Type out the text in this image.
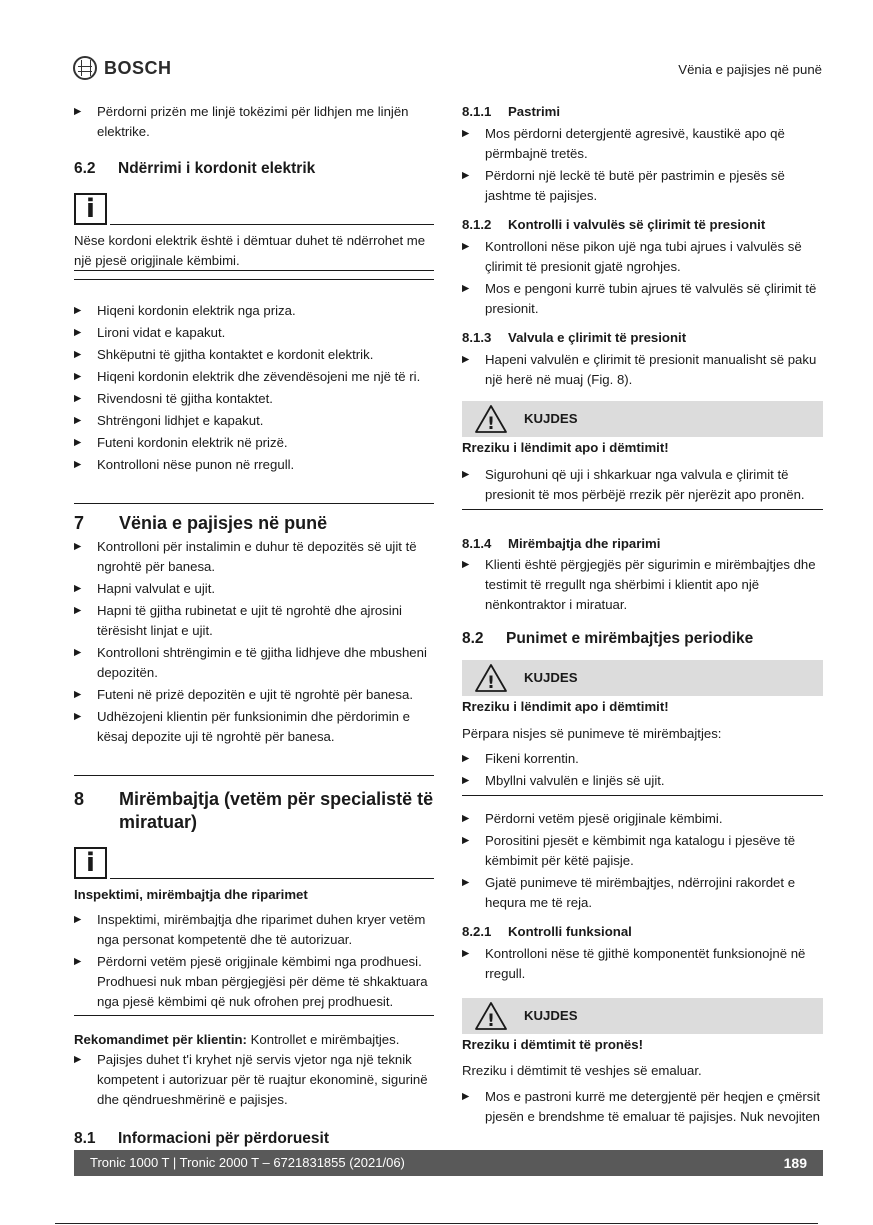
BOSCH	Vënia e pajisjes në punë
▶ Përdorni prizën me linjë tokëzimi për lidhjen me linjën elektrike.
6.2 Ndërrimi i kordonit elektrik
i

Nëse kordoni elektrik është i dëmtuar duhet të ndërrohet me një pjesë origjinale këmbimi.

▶ Hiqeni kordonin elektrik nga priza.
▶ Lironi vidat e kapakut.
▶ Shkëputni të gjitha kontaktet e kordonit elektrik.
▶ Hiqeni kordonin elektrik dhe zëvendësojeni me një të ri.
▶ Rivendosni të gjitha kontaktet.
▶ Shtrëngoni lidhjet e kapakut.
▶ Futeni kordonin elektrik në prizë.
▶ Kontrolloni nëse punon në rregull.
7	Vënia e pajisjes në punë
▶ Kontrolloni për instalimin e duhur të depozitës së ujit të ngrohtë për banesa.
▶ Hapni valvulat e ujit.
▶ Hapni të gjitha rubinetat e ujit të ngrohtë dhe ajrosini tërësisht linjat e ujit.
▶ Kontrolloni shtrëngimin e të gjitha lidhjeve dhe mbusheni depozitën.
▶ Futeni në prizë depozitën e ujit të ngrohtë për banesa.
▶ Udhëzojeni klientin për funksionimin dhe përdorimin e kësaj depozite uji të ngrohtë për banesa.
8	Mirëmbajtja (vetëm për specialistë të miratuar)
i

Inspektimi, mirëmbajtja dhe riparimet

▶ Inspektimi, mirëmbajtja dhe riparimet duhen kryer vetëm nga personat kompetentë dhe të autorizuar.
▶ Përdorni vetëm pjesë origjinale këmbimi nga prodhuesi. Prodhuesi nuk mban përgjegjësi për dëme të shkaktuara nga pjesë këmbimi që nuk ofrohen prej prodhuesit.

Rekomandimet për klientin: Kontrollet e mirëmbajtjes.

▶ Pajisjes duhet t'i kryhet një servis vjetor nga një teknik kompetent i autorizuar për të ruajtur ekonominë, sigurinë dhe qëndrueshmërinë e pajisjes.
8.1 Informacioni për përdoruesit
8.1.1	Pastrimi
▶ Mos përdorni detergjentë agresivë, kaustikë apo që përmbajnë tretës.
▶ Përdorni një leckë të butë për pastrimin e pjesës së jashtme të pajisjes.
8.1.2	Kontrolli i valvulës së çlirimit të presionit
▶ Kontrolloni nëse pikon ujë nga tubi ajrues i valvulës së çlirimit të presionit gjatë ngrohjes.
▶ Mos e pengoni kurrë tubin ajrues të valvulës së çlirimit të presionit.
8.1.3	Valvula e çlirimit të presionit
▶ Hapeni valvulën e çlirimit të presionit manualisht së paku një herë në muaj (Fig. 8).
! KUJDES

Rreziku i lëndimit apo i dëmtimit!

▶ Sigurohuni që uji i shkarkuar nga valvula e çlirimit të presionit të mos përbëjë rrezik për njerëzit apo pronën.
8.1.4	Mirëmbajtja dhe riparimi
▶ Klienti është përgjegjës për sigurimin e mirëmbajtjes dhe testimit të rregullt nga shërbimi i klientit apo një nënkontraktor i miratuar.
8.2 Punimet e mirëmbajtjes periodike
! KUJDES

Rreziku i lëndimit apo i dëmtimit!

Përpara nisjes së punimeve të mirëmbajtjes:

▶ Fikeni korrentin.
▶ Mbyllni valvulën e linjës së ujit.
▶ Përdorni vetëm pjesë origjinale këmbimi.
▶ Porositini pjesët e këmbimit nga katalogu i pjesëve të këmbimit për këtë pajisje.
▶ Gjatë punimeve të mirëmbajtjes, ndërrojini rakordet e hequra me të reja.
8.2.1	Kontrolli funksional
▶ Kontrolloni nëse të gjithë komponentët funksionojnë në rregull.
! KUJDES

Rreziku i dëmtimit të pronës!

Rreziku i dëmtimit të veshjes së emaluar.

▶ Mos e pastroni kurrë me detergjentë për heqjen e çmërsit pjesën e brendshme të emaluar të pajisjes. Nuk nevojiten
Tronic 1000 T | Tronic 2000 T – 6721831855 (2021/06)	189
